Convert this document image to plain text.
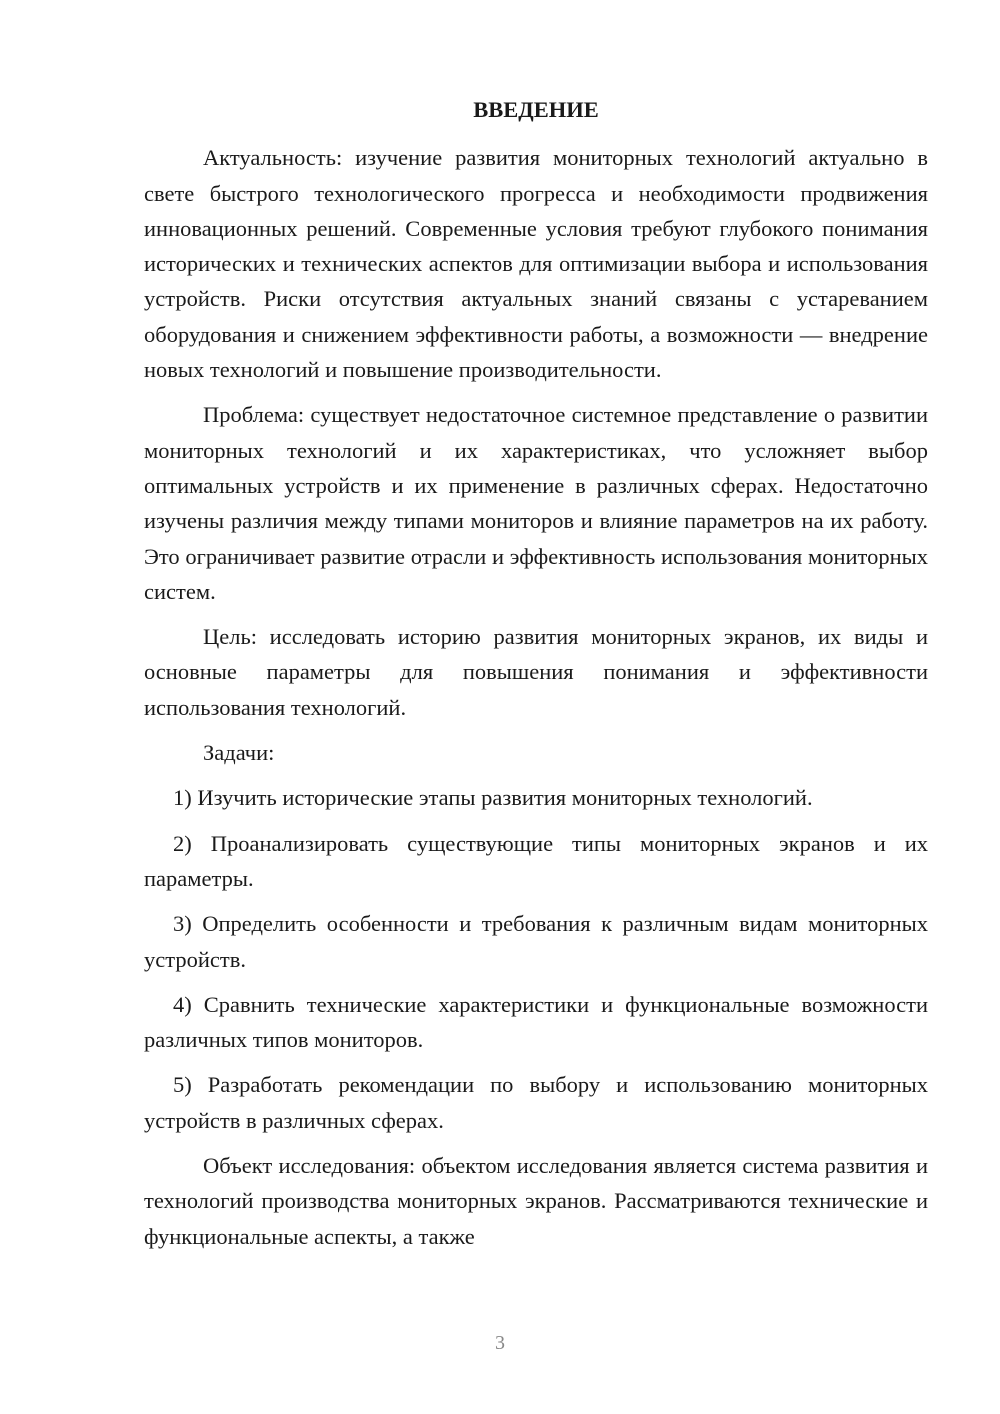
ВВЕДЕНИЕ

Актуальность: изучение развития мониторных технологий актуально в свете быстрого технологического прогресса и необходимости продвижения инновационных решений. Современные условия требуют глубокого понимания исторических и технических аспектов для оптимизации выбора и использования устройств. Риски отсутствия актуальных знаний связаны с устареванием оборудования и снижением эффективности работы, а возможности — внедрение новых технологий и повышение производительности.

Проблема: существует недостаточное системное представление о развитии мониторных технологий и их характеристиках, что усложняет выбор оптимальных устройств и их применение в различных сферах. Недостаточно изучены различия между типами мониторов и влияние параметров на их работу. Это ограничивает развитие отрасли и эффективность использования мониторных систем.

Цель: исследовать историю развития мониторных экранов, их виды и основные параметры для повышения понимания и эффективности использования технологий.

Задачи:

1) Изучить исторические этапы развития мониторных технологий.

2) Проанализировать существующие типы мониторных экранов и их параметры.

3) Определить особенности и требования к различным видам мониторных устройств.

4) Сравнить технические характеристики и функциональные возможности различных типов мониторов.

5) Разработать рекомендации по выбору и использованию мониторных устройств в различных сферах.

Объект исследования: объектом исследования является система развития и технологий производства мониторных экранов. Рассматриваются технические и функциональные аспекты, а также

3
